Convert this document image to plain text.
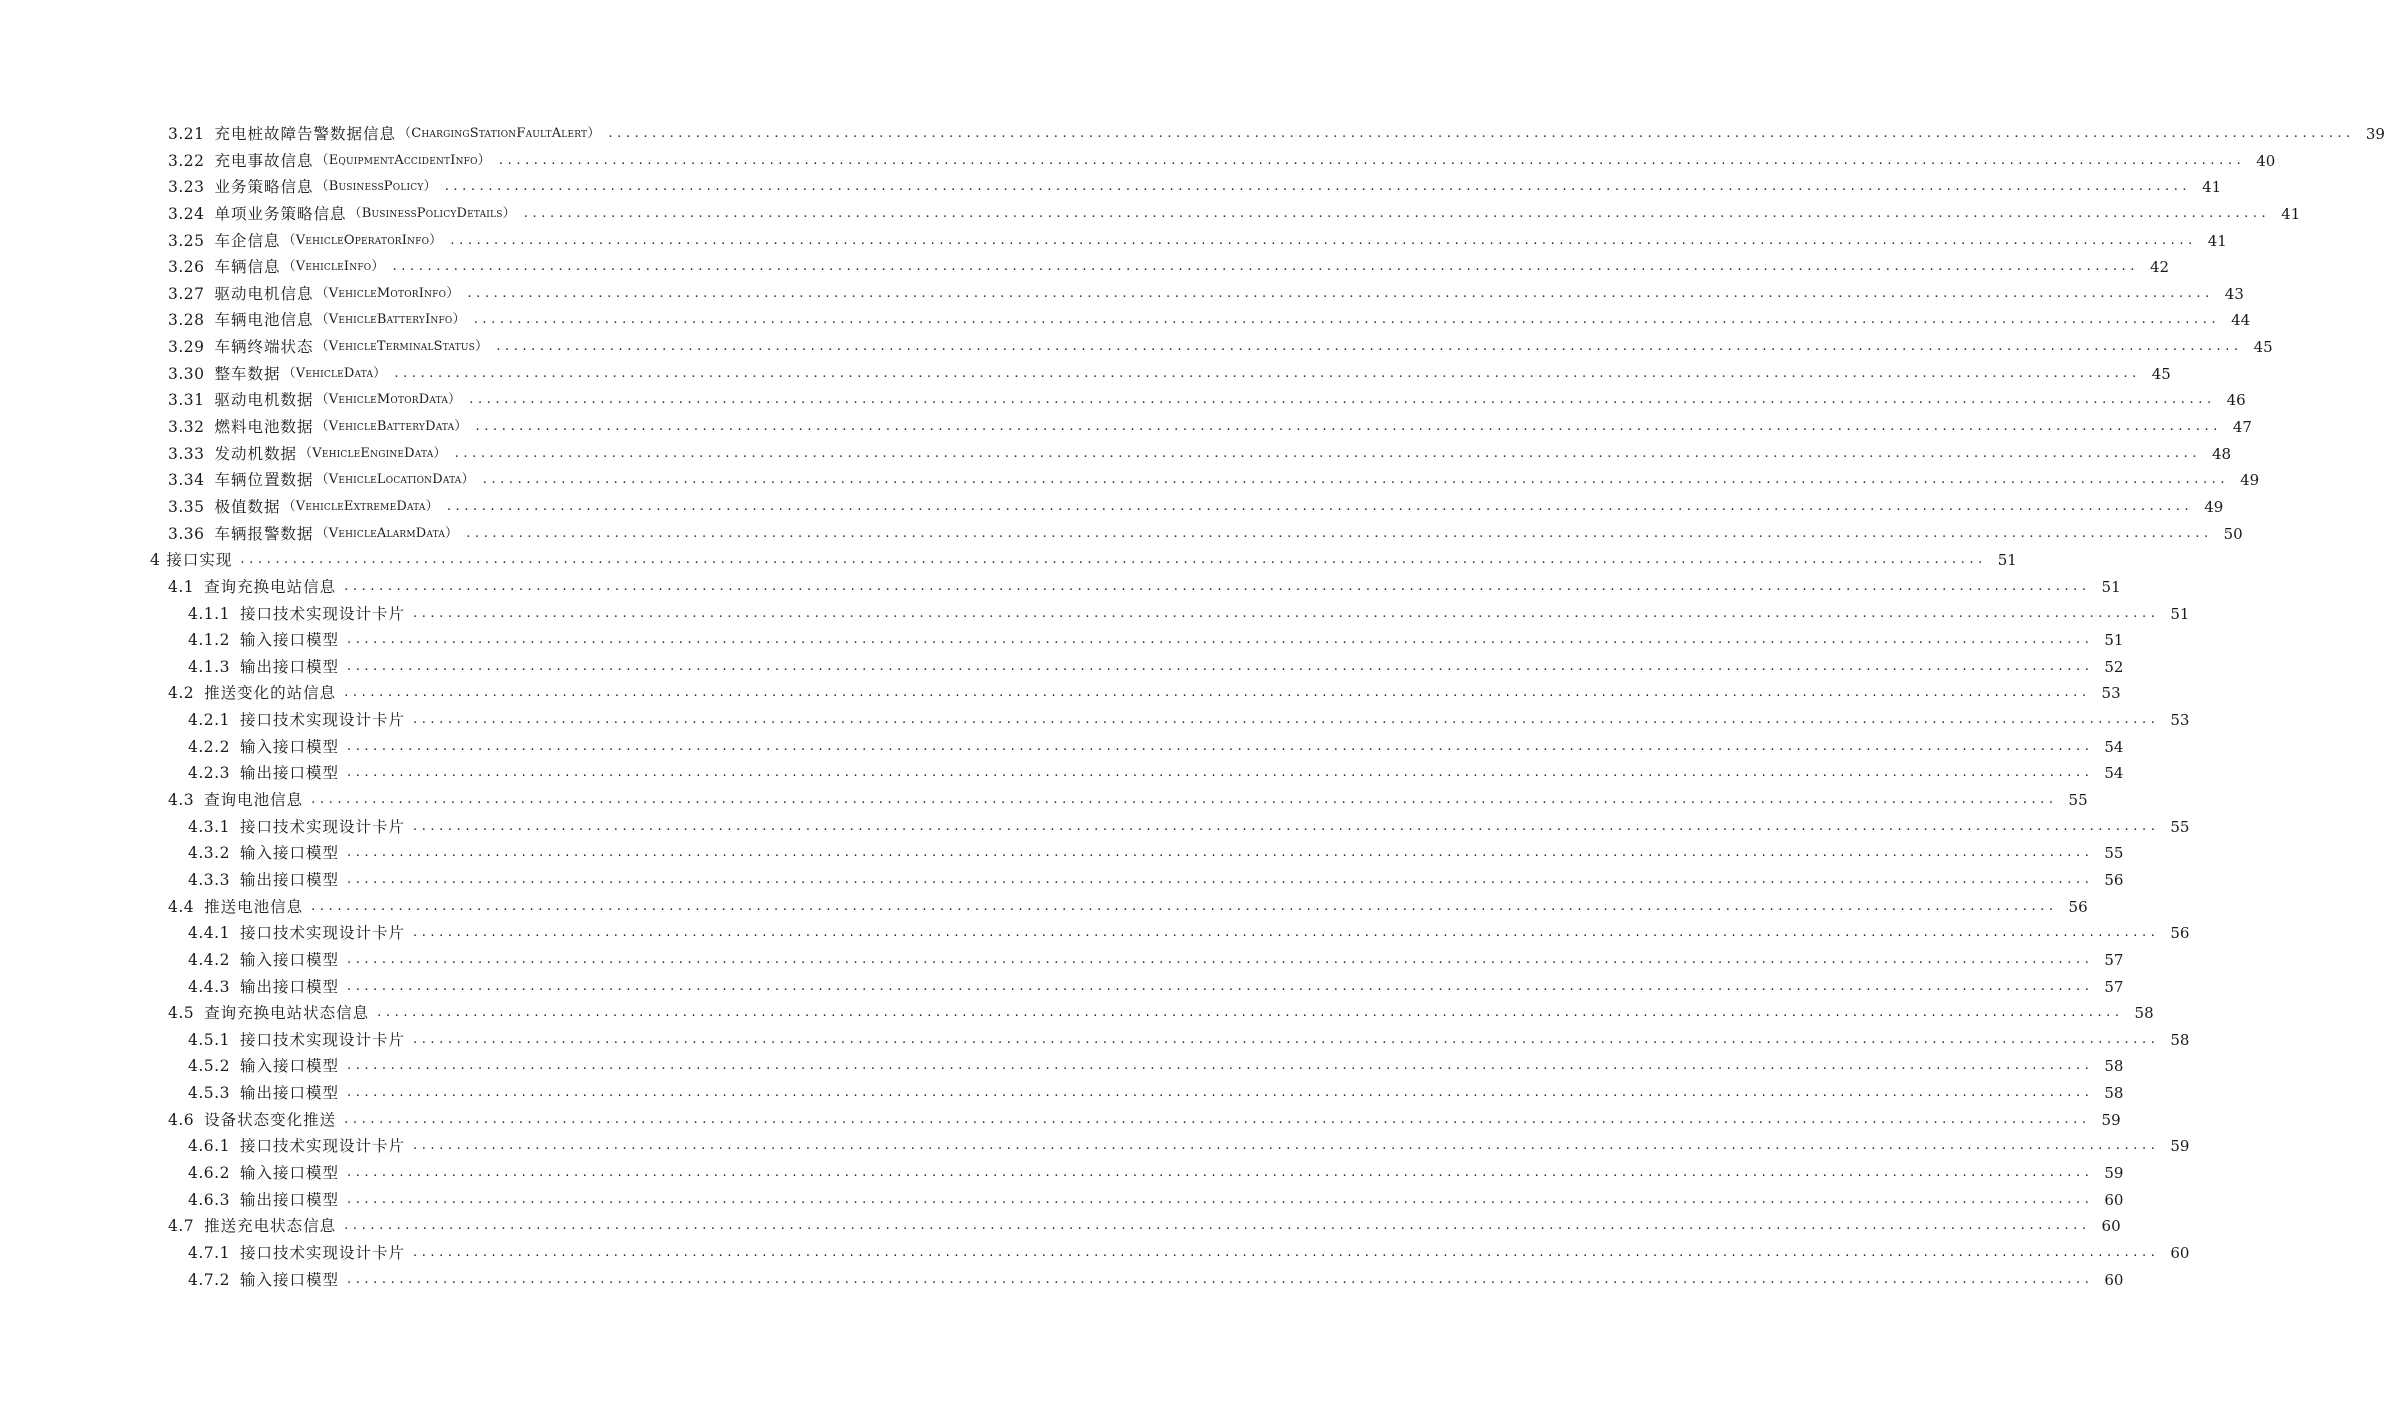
3.21 充电桩故障告警数据信息 （ChargingStationFaultAlert） ........................................................................................................................................................................................................ 39
3.22 充电事故信息 （EquipmentAccidentInfo） ........................................................................................................................................................................................................ 40
3.23 业务策略信息 （BusinessPolicy） ........................................................................................................................................................................................................ 41
3.24 单项业务策略信息 （BusinessPolicyDetails） ........................................................................................................................................................................................................ 41
3.25 车企信息 （VehicleOperatorInfo） ........................................................................................................................................................................................................ 41
3.26 车辆信息 （VehicleInfo） ........................................................................................................................................................................................................ 42
3.27 驱动电机信息 （VehicleMotorInfo） ........................................................................................................................................................................................................ 43
3.28 车辆电池信息 （VehicleBatteryInfo） ........................................................................................................................................................................................................ 44
3.29 车辆终端状态 （VehicleTerminalStatus） ........................................................................................................................................................................................................ 45
3.30 整车数据 （VehicleData） ........................................................................................................................................................................................................ 45
3.31 驱动电机数据 （VehicleMotorData） ........................................................................................................................................................................................................ 46
3.32 燃料电池数据 （VehicleBatteryData） ........................................................................................................................................................................................................ 47
3.33 发动机数据 （VehicleEngineData） ........................................................................................................................................................................................................ 48
3.34 车辆位置数据 （VehicleLocationData） ........................................................................................................................................................................................................ 49
3.35 极值数据 （VehicleExtremeData） ........................................................................................................................................................................................................ 49
3.36 车辆报警数据 （VehicleAlarmData） ........................................................................................................................................................................................................ 50
4 接口实现 ........................................................................................................................................................................................................ 51
4.1 查询充换电站信息 ........................................................................................................................................................................................................ 51
4.1.1 接口技术实现设计卡片 ........................................................................................................................................................................................................ 51
4.1.2 输入接口模型 ........................................................................................................................................................................................................ 51
4.1.3 输出接口模型 ........................................................................................................................................................................................................ 52
4.2 推送变化的站信息 ........................................................................................................................................................................................................ 53
4.2.1 接口技术实现设计卡片 ........................................................................................................................................................................................................ 53
4.2.2 输入接口模型 ........................................................................................................................................................................................................ 54
4.2.3 输出接口模型 ........................................................................................................................................................................................................ 54
4.3 查询电池信息 ........................................................................................................................................................................................................ 55
4.3.1 接口技术实现设计卡片 ........................................................................................................................................................................................................ 55
4.3.2 输入接口模型 ........................................................................................................................................................................................................ 55
4.3.3 输出接口模型 ........................................................................................................................................................................................................ 56
4.4 推送电池信息 ........................................................................................................................................................................................................ 56
4.4.1 接口技术实现设计卡片 ........................................................................................................................................................................................................ 56
4.4.2 输入接口模型 ........................................................................................................................................................................................................ 57
4.4.3 输出接口模型 ........................................................................................................................................................................................................ 57
4.5 查询充换电站状态信息 ........................................................................................................................................................................................................ 58
4.5.1 接口技术实现设计卡片 ........................................................................................................................................................................................................ 58
4.5.2 输入接口模型 ........................................................................................................................................................................................................ 58
4.5.3 输出接口模型 ........................................................................................................................................................................................................ 58
4.6 设备状态变化推送 ........................................................................................................................................................................................................ 59
4.6.1 接口技术实现设计卡片 ........................................................................................................................................................................................................ 59
4.6.2 输入接口模型 ........................................................................................................................................................................................................ 59
4.6.3 输出接口模型 ........................................................................................................................................................................................................ 60
4.7 推送充电状态信息 ........................................................................................................................................................................................................ 60
4.7.1 接口技术实现设计卡片 ........................................................................................................................................................................................................ 60
4.7.2 输入接口模型 ........................................................................................................................................................................................................ 60
